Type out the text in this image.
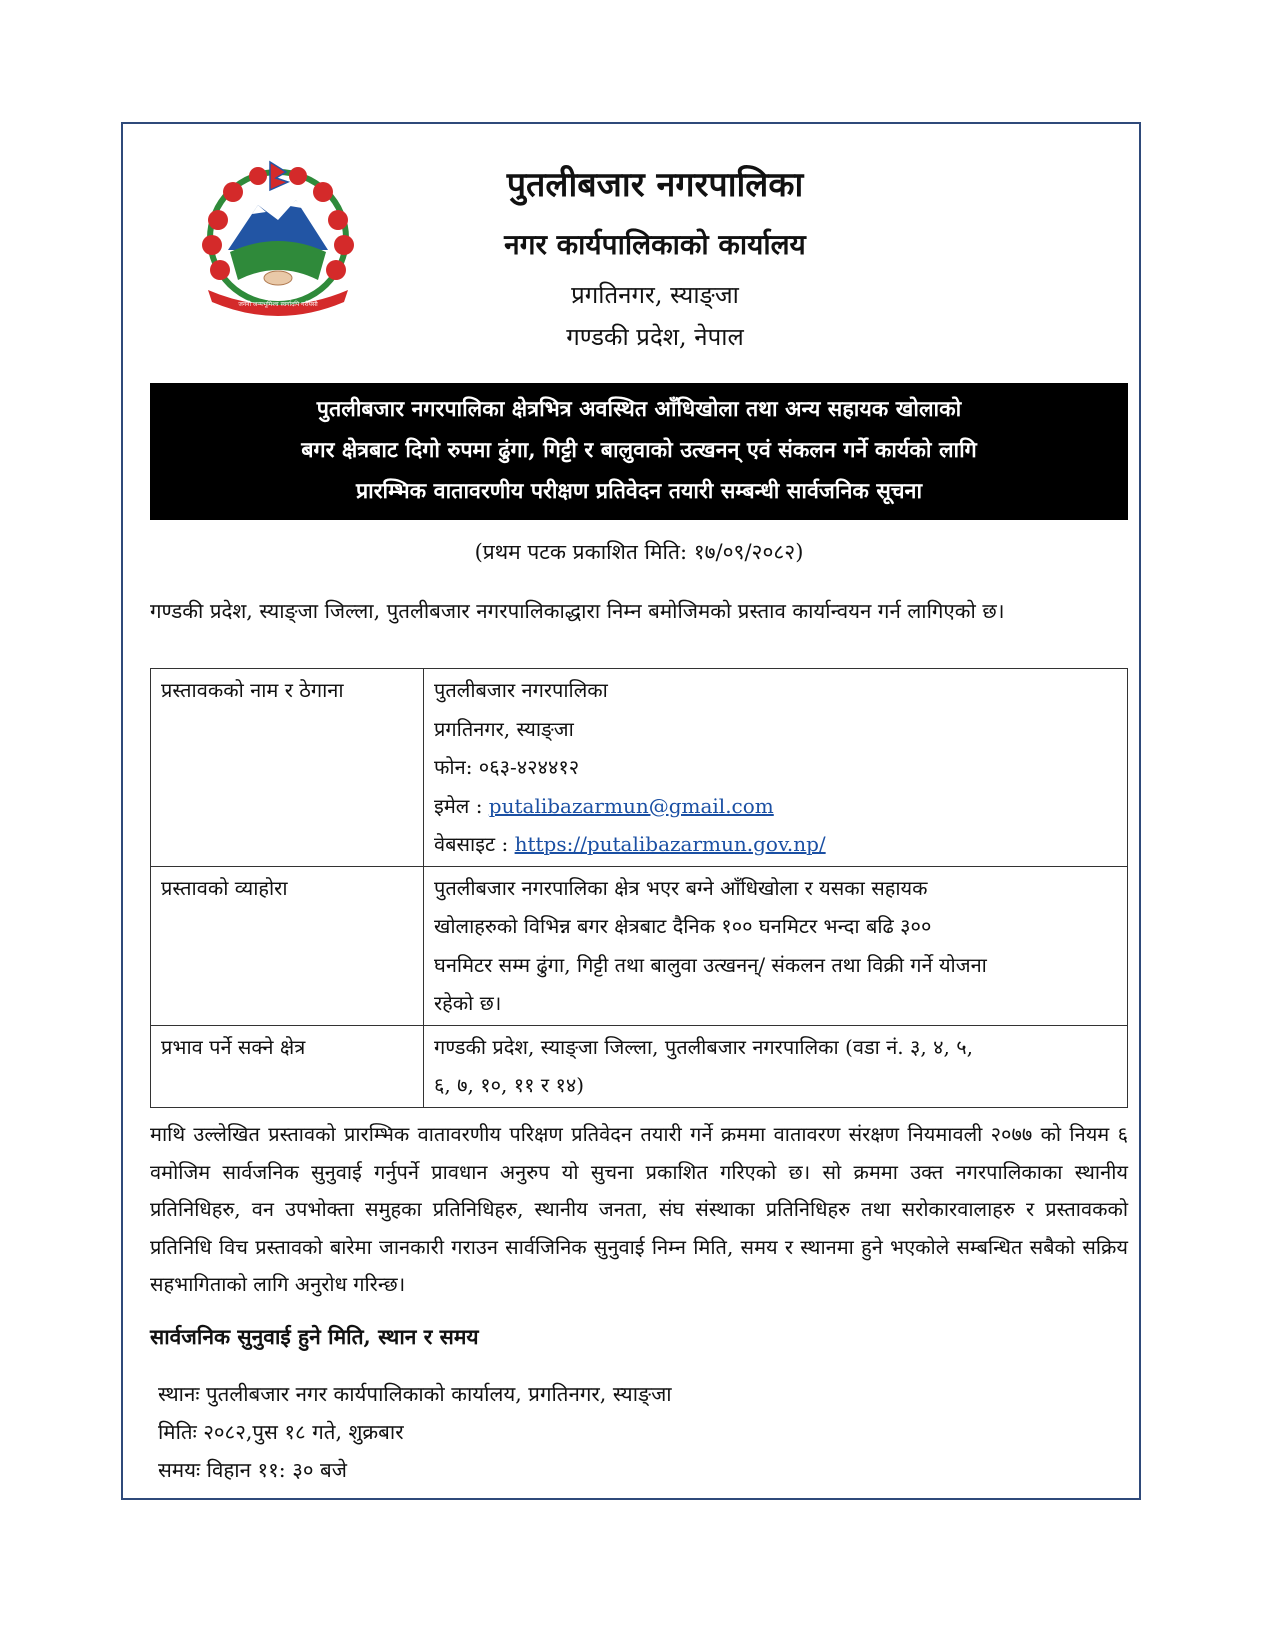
जननी जन्मभूमिश्च स्वर्गादपि गरीयसी
पुतलीबजार नगरपालिका
नगर कार्यपालिकाको कार्यालय
प्रगतिनगर, स्याङ्जा
गण्डकी प्रदेश, नेपाल
पुतलीबजार नगरपालिका क्षेत्रभित्र अवस्थित आँधिखोला तथा अन्य सहायक खोलाको
बगर क्षेत्रबाट दिगो रुपमा ढुंगा, गिट्टी र बालुवाको उत्खनन् एवं संकलन गर्ने कार्यको लागि
प्रारम्भिक वातावरणीय परीक्षण प्रतिवेदन तयारी सम्बन्धी सार्वजनिक सूचना
(प्रथम पटक प्रकाशित मिति: १७/०९/२०८२)
गण्डकी प्रदेश, स्याङ्जा जिल्ला, पुतलीबजार नगरपालिकाद्धारा निम्न बमोजिमको प्रस्ताव कार्यान्वयन गर्न लागिएको छ।
प्रस्तावकको नाम र ठेगाना	पुतलीबजार नगरपालिका
प्रगतिनगर, स्याङ्जा
फोन: ०६३-४२४४१२
इमेल : putalibazarmun@gmail.com
वेबसाइट : https://putalibazarmun.gov.np/

प्रस्तावको व्याहोरा	पुतलीबजार नगरपालिका क्षेत्र भएर बग्ने आँधिखोला र यसका सहायक
खोलाहरुको विभिन्न बगर क्षेत्रबाट दैनिक १०० घनमिटर भन्दा बढि ३००
घनमिटर सम्म ढुंगा, गिट्टी तथा बालुवा उत्खनन्/ संकलन तथा विक्री गर्ने योजना
रहेको छ।

प्रभाव पर्ने सक्ने क्षेत्र	गण्डकी प्रदेश, स्याङ्जा जिल्ला, पुतलीबजार नगरपालिका (वडा नं. ३, ४, ५,
६, ७, १०, ११ र १४)
माथि उल्लेखित प्रस्तावको प्रारम्भिक वातावरणीय परिक्षण प्रतिवेदन तयारी गर्ने क्रममा वातावरण संरक्षण नियमावली २०७७ को नियम ६ वमोजिम सार्वजनिक सुनुवाई गर्नुपर्ने प्रावधान अनुरुप यो सुचना प्रकाशित गरिएको छ। सो क्रममा उक्त नगरपालिकाका स्थानीय प्रतिनिधिहरु, वन उपभोक्ता समुहका प्रतिनिधिहरु, स्थानीय जनता, संघ संस्थाका प्रतिनिधिहरु तथा सरोकारवालाहरु र प्रस्तावकको प्रतिनिधि विच प्रस्तावको बारेमा जानकारी गराउन सार्वजिनिक सुनुवाई निम्न मिति, समय र स्थानमा हुने भएकोले सम्बन्धित सबैको सक्रिय सहभागिताको लागि अनुरोध गरिन्छ।
सार्वजनिक सुनुवाई हुने मिति, स्थान र समय
स्थानः पुतलीबजार नगर कार्यपालिकाको कार्यालय, प्रगतिनगर, स्याङ्जा
मितिः २०८२,पुस १८ गते, शुक्रबार
समयः विहान ११: ३० बजे
